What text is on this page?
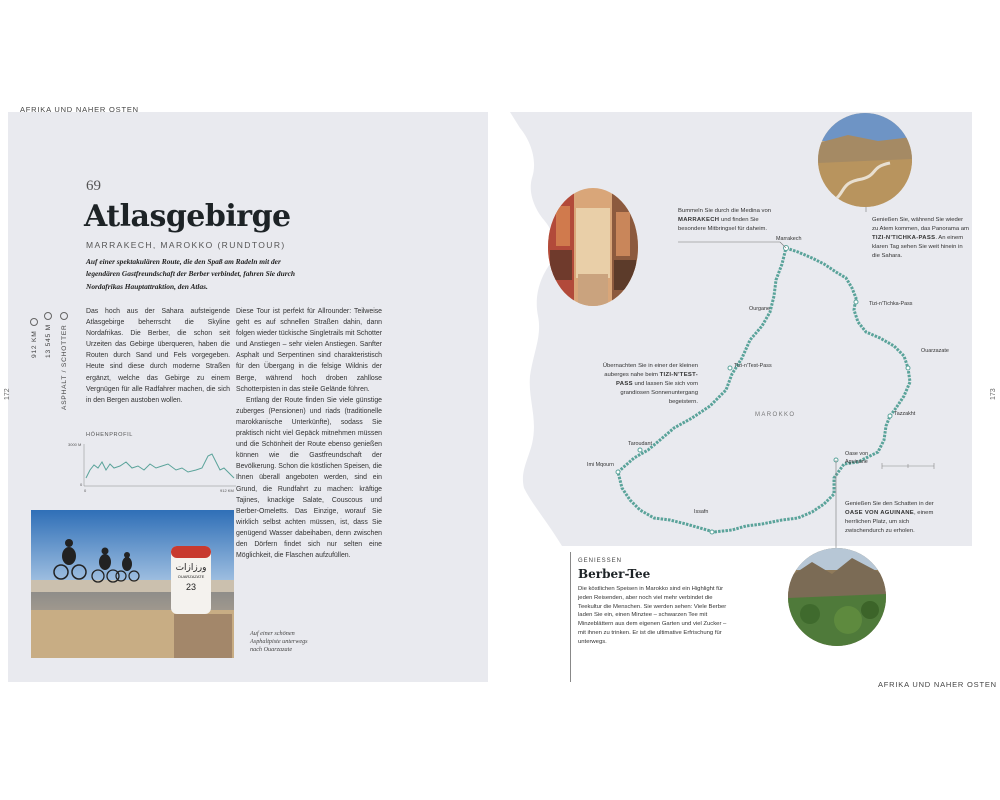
AFRIKA UND NAHER OSTEN
172
69
Atlasgebirge
MARRAKECH, MAROKKO (RUNDTOUR)
Auf einer spektakulären Route, die den Spaß am Radeln mit der legendären Gastfreundschaft der Berber verbindet, fahren Sie durch Nordafrikas Hauptattraktion, den Atlas.
912 KM 13 545 M ASPHALT / SCHOTTER
Das hoch aus der Sahara aufsteigende Atlasgebirge beherrscht die Skyline Nordafrikas. Die Berber, die schon seit Urzeiten das Gebirge überqueren, haben die Routen durch Sand und Fels vorgegeben. Heute sind diese durch moderne Straßen ergänzt, welche das Gebirge zu einem Vergnügen für alle Radfahrer machen, die sich in den Bergen austoben wollen.

Diese Tour ist perfekt für Allrounder: Teilweise geht es auf schnellen Straßen dahin, dann folgen wieder tückische Singletrails mit Schotter und Anstiegen – sehr vielen Anstiegen. Sanfter Asphalt und Serpentinen sind charakteristisch für den Übergang in die felsige Wildnis der Berge, während hoch droben zahllose Schotterpisten in das steile Gelände führen.

Entlang der Route finden Sie viele günstige zuberges (Pensionen) und riads (traditionelle marokkanische Unterkünfte), sodass Sie praktisch nicht viel Gepäck mitnehmen müssen und die Schönheit der Route ebenso genießen können wie die Gastfreundschaft der Bevölkerung. Schon die köstlichen Speisen, die Ihnen überall angeboten werden, sind ein Grund, die Rundfahrt zu machen: kräftige Tajines, knackige Salate, Couscous und Berber-Omeletts. Das Einzige, worauf Sie wirklich selbst achten müssen, ist, dass Sie genügend Wasser dabeihaben, denn zwischen den Dörfern findet sich nur selten eine Möglichkeit, die Flaschen aufzufüllen.

HÖHENPROFIL
3000 M
0
0	912 KM
ورزازات
OUARZAZATE
23
Auf einer schönen
Asphaltpiste unterwegs
nach Ouarzazate
Marrakech
Ourgane
Tizi-n'Tichka-Pass
Ouarzazate
Tizi-n'Test-Pass
Taroudant
Imi Mqourn
Tazzakht
Oase von
Aguinane
Issafn
MAROKKO
Bummeln Sie durch die Medina von MARRAKECH und finden Sie besondere Mitbringsel für daheim.
Genießen Sie, während Sie wieder zu Atem kommen, das Panorama am TIZI-N'TICHKA-PASS. An einem klaren Tag sehen Sie weit hinein in die Sahara.
Übernachten Sie in einer der kleinen auberges nahe beim TIZI-N'TEST-PASS und lassen Sie sich vom grandiosen Sonnenuntergang begeistern.
Genießen Sie den Schatten in der OASE VON AGUINANE, einem herrlichen Platz, um sich zwischendurch zu erholen.
173
GENIESSEN
Berber-Tee
Die köstlichen Speisen in Marokko sind ein Highlight für jeden Reisenden, aber noch viel mehr verbindet die Teekultur die Menschen. Sie werden sehen: Viele Berber laden Sie ein, einen Minztee – schwarzen Tee mit Minzeblättern aus dem eigenen Garten und viel Zucker – mit ihnen zu trinken. Er ist die ultimative Erfrischung für unterwegs.
AFRIKA UND NAHER OSTEN
